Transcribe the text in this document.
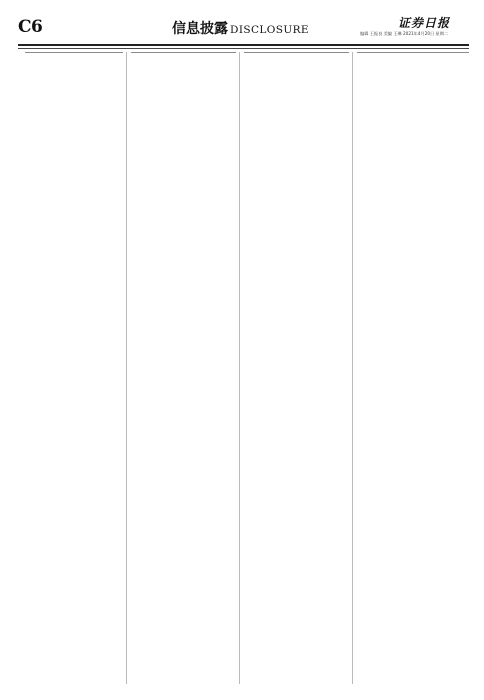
C6	信息披露 DISCLOSURE	证券日报
编辑 王振良 美编 王琳 2021年4月20日 星期二
